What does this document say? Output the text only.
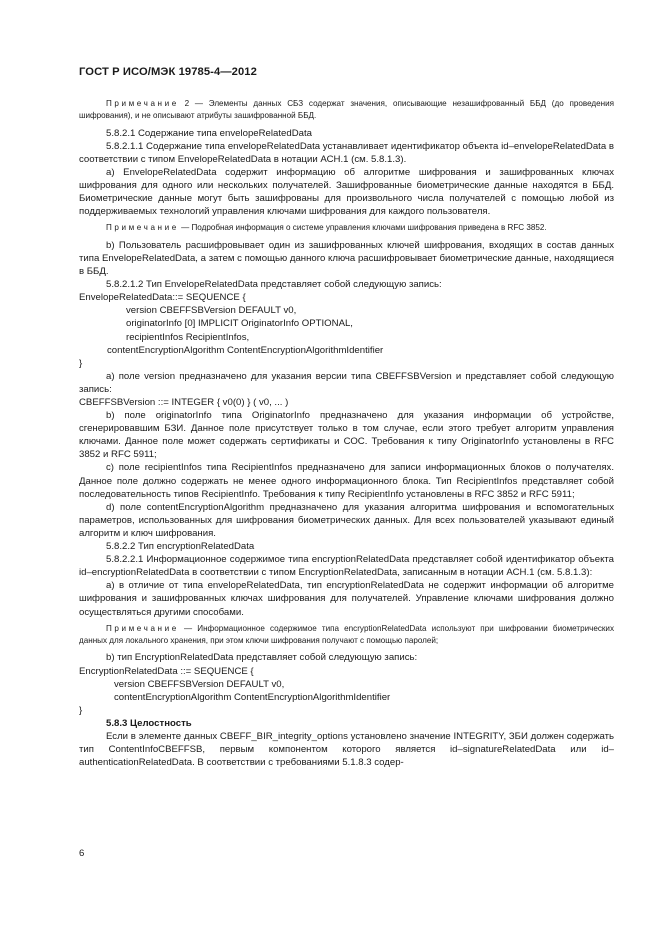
ГОСТ Р ИСО/МЭК 19785-4—2012
Примечание 2 — Элементы данных СБЗ содержат значения, описывающие незашифрованный ББД (до проведения шифрования), и не описывают атрибуты зашифрованной ББД.

5.8.2.1 Содержание типа envelopeRelatedData

5.8.2.1.1 Содержание типа envelopeRelatedData устанавливает идентификатор объекта id–envelopeRelatedData в соответствии с типом EnvelopeRelatedData в нотации АСН.1 (см. 5.8.1.3).

a) EnvelopeRelatedData содержит информацию об алгоритме шифрования и зашифрованных ключах шифрования для одного или нескольких получателей. Зашифрованные биометрические данные находятся в ББД. Биометрические данные могут быть зашифрованы для произвольного числа получателей с помощью любой из поддерживаемых технологий управления ключами шифрования для каждого пользователя.

Примечание — Подробная информация о системе управления ключами шифрования приведена в RFC 3852.

b) Пользователь расшифровывает один из зашифрованных ключей шифрования, входящих в состав данных типа EnvelopeRelatedData, а затем с помощью данного ключа расшифровывает биометрические данные, находящиеся в ББД.

5.8.2.1.2 Тип EnvelopeRelatedData представляет собой следующую запись:

EnvelopeRelatedData::= SEQUENCE {
version CBEFFSBVersion DEFAULT v0,
originatorInfo [0] IMPLICIT OriginatorInfo OPTIONAL,
recipientInfos RecipientInfos,
contentEncryptionAlgorithm ContentEncryptionAlgorithmIdentifier
}

a) поле version предназначено для указания версии типа CBEFFSBVersion и представляет собой следующую запись:

CBEFFSBVersion ::= INTEGER { v0(0) } ( v0, ... )

b) поле originatorInfo типа OriginatorInfo предназначено для указания информации об устройстве, сгенерировавшим БЗИ. Данное поле присутствует только в том случае, если этого требует алгоритм управления ключами. Данное поле может содержать сертификаты и СОС. Требования к типу OriginatorInfo установлены в RFC 3852 и RFC 5911;

c) поле recipientInfos типа RecipientInfos предназначено для записи информационных блоков о получателях. Данное поле должно содержать не менее одного информационного блока. Тип RecipientInfos представляет собой последовательность типов RecipientInfo. Требования к типу RecipientInfo установлены в RFC 3852 и RFC 5911;

d) поле contentEncryptionAlgorithm предназначено для указания алгоритма шифрования и вспомогательных параметров, использованных для шифрования биометрических данных. Для всех пользователей указывают единый алгоритм и ключ шифрования.

5.8.2.2 Тип encryptionRelatedData

5.8.2.2.1 Информационное содержимое типа encryptionRelatedData представляет собой идентификатор объекта id–encryptionRelatedData в соответствии с типом EncryptionRelatedData, записанным в нотации АСН.1 (см. 5.8.1.3):

a) в отличие от типа envelopeRelatedData, тип encryptionRelatedData не содержит информации об алгоритме шифрования и зашифрованных ключах шифрования для получателей. Управление ключами шифрования должно осуществляться другими способами.

Примечание — Информационное содержимое типа encryptionRelatedData используют при шифровании биометрических данных для локального хранения, при этом ключи шифрования получают с помощью паролей;

b) тип EncryptionRelatedData представляет собой следующую запись:

EncryptionRelatedData ::= SEQUENCE {
version CBEFFSBVersion DEFAULT v0,
contentEncryptionAlgorithm ContentEncryptionAlgorithmIdentifier
}

5.8.3 Целостность

Если в элементе данных CBEFF_BIR_integrity_options установлено значение INTEGRITY, ЗБИ должен содержать тип ContentInfoCBEFFSB, первым компонентом которого является id–signatureRelatedData или id–authenticationRelatedData. В соответствии с требованиями 5.1.8.3 содер-

6
